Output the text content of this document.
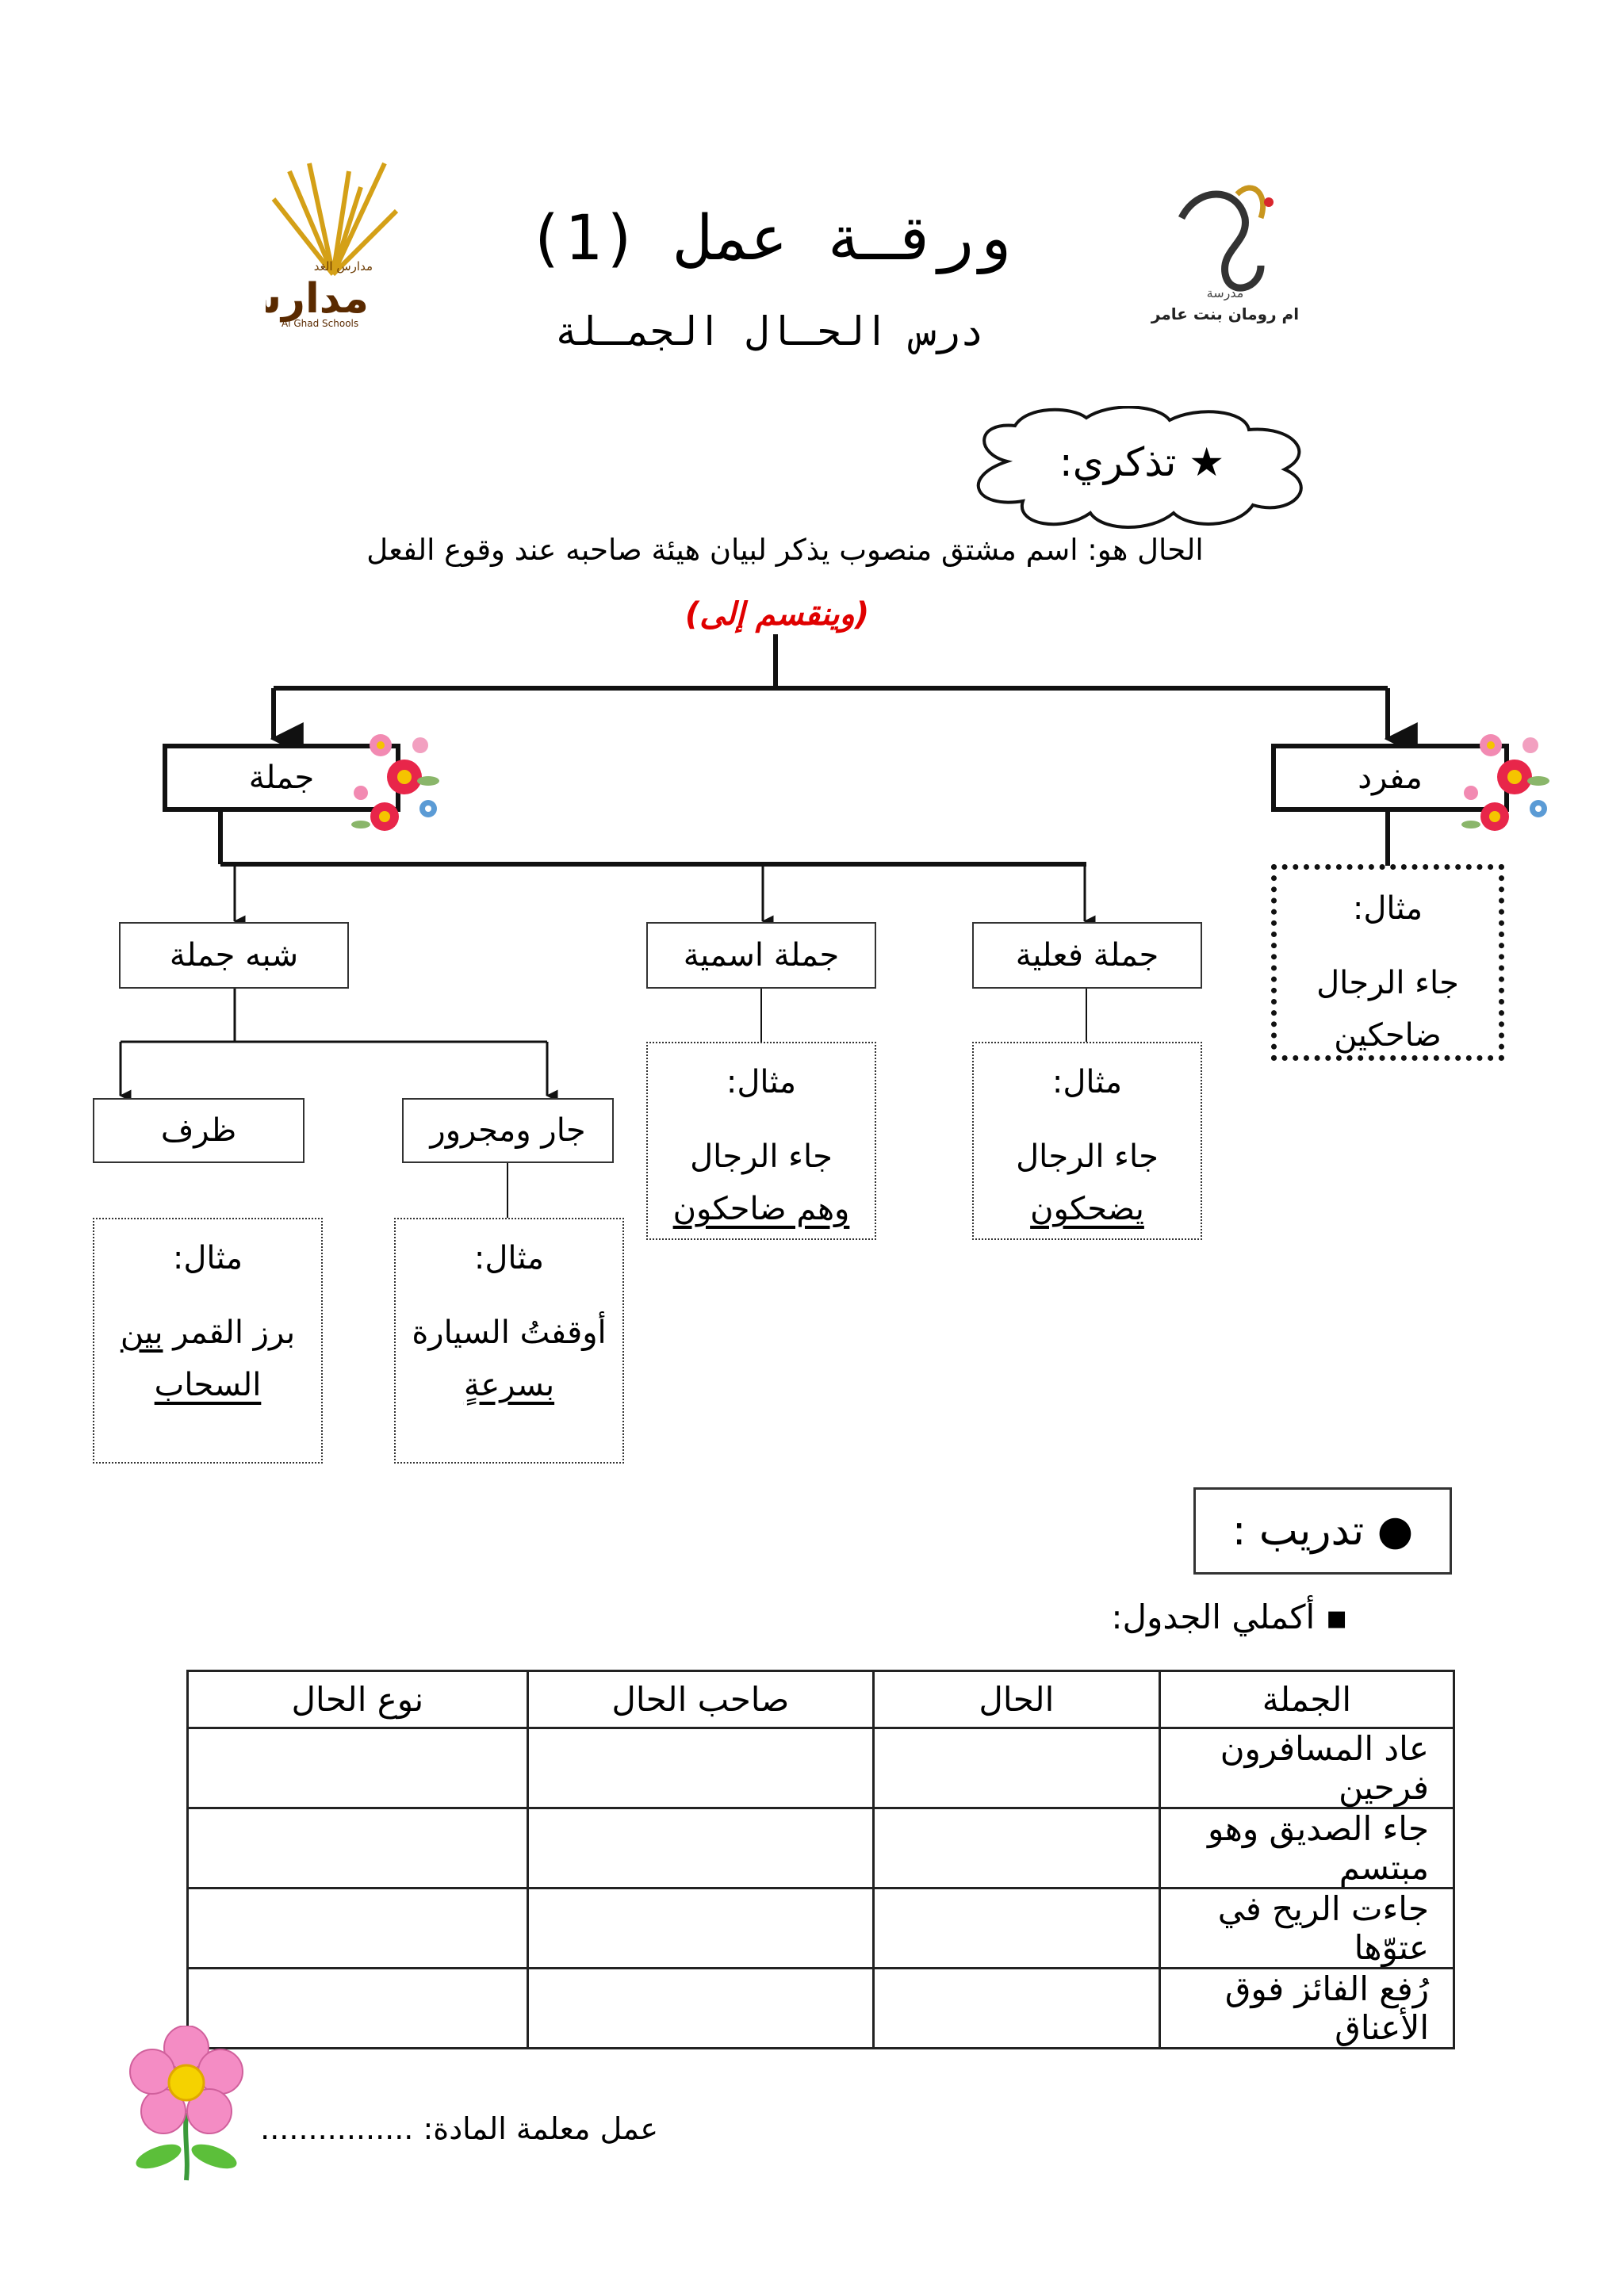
مدارس الغد
مدار
Al Ghad Schools
ورقـة عمل (1)
درس الحـال الجمـلة
مدرسة
ام رومان بنت عامر
★ تذكري:
الحال هو: اسم مشتق منصوب يذكر لبيان هيئة صاحبه عند وقوع الفعل
(وينقسم إلى)
مفرد
جملة
مثال:
جاء الرجال
ضاحكين
جملة فعلية
جملة اسمية
شبه جملة
مثال:
جاء الرجال
يضحكون
مثال:
جاء الرجال
وهم ضاحكون
جار ومجرور
ظرف
مثال:
أوقفتُ السيارة
بسرعةٍ
مثال:
برز القمر بين
السحاب
● تدريب :
▪ أكملي الجدول:
الجملة	الحال	صاحب الحال	نوع الحال
عاد المسافرون فرحين			
جاء الصديق وهو مبتسم			
جاءت الريح في عتوّها			
رُفع الفائز فوق الأعناق			
عمل معلمة المادة: ................
